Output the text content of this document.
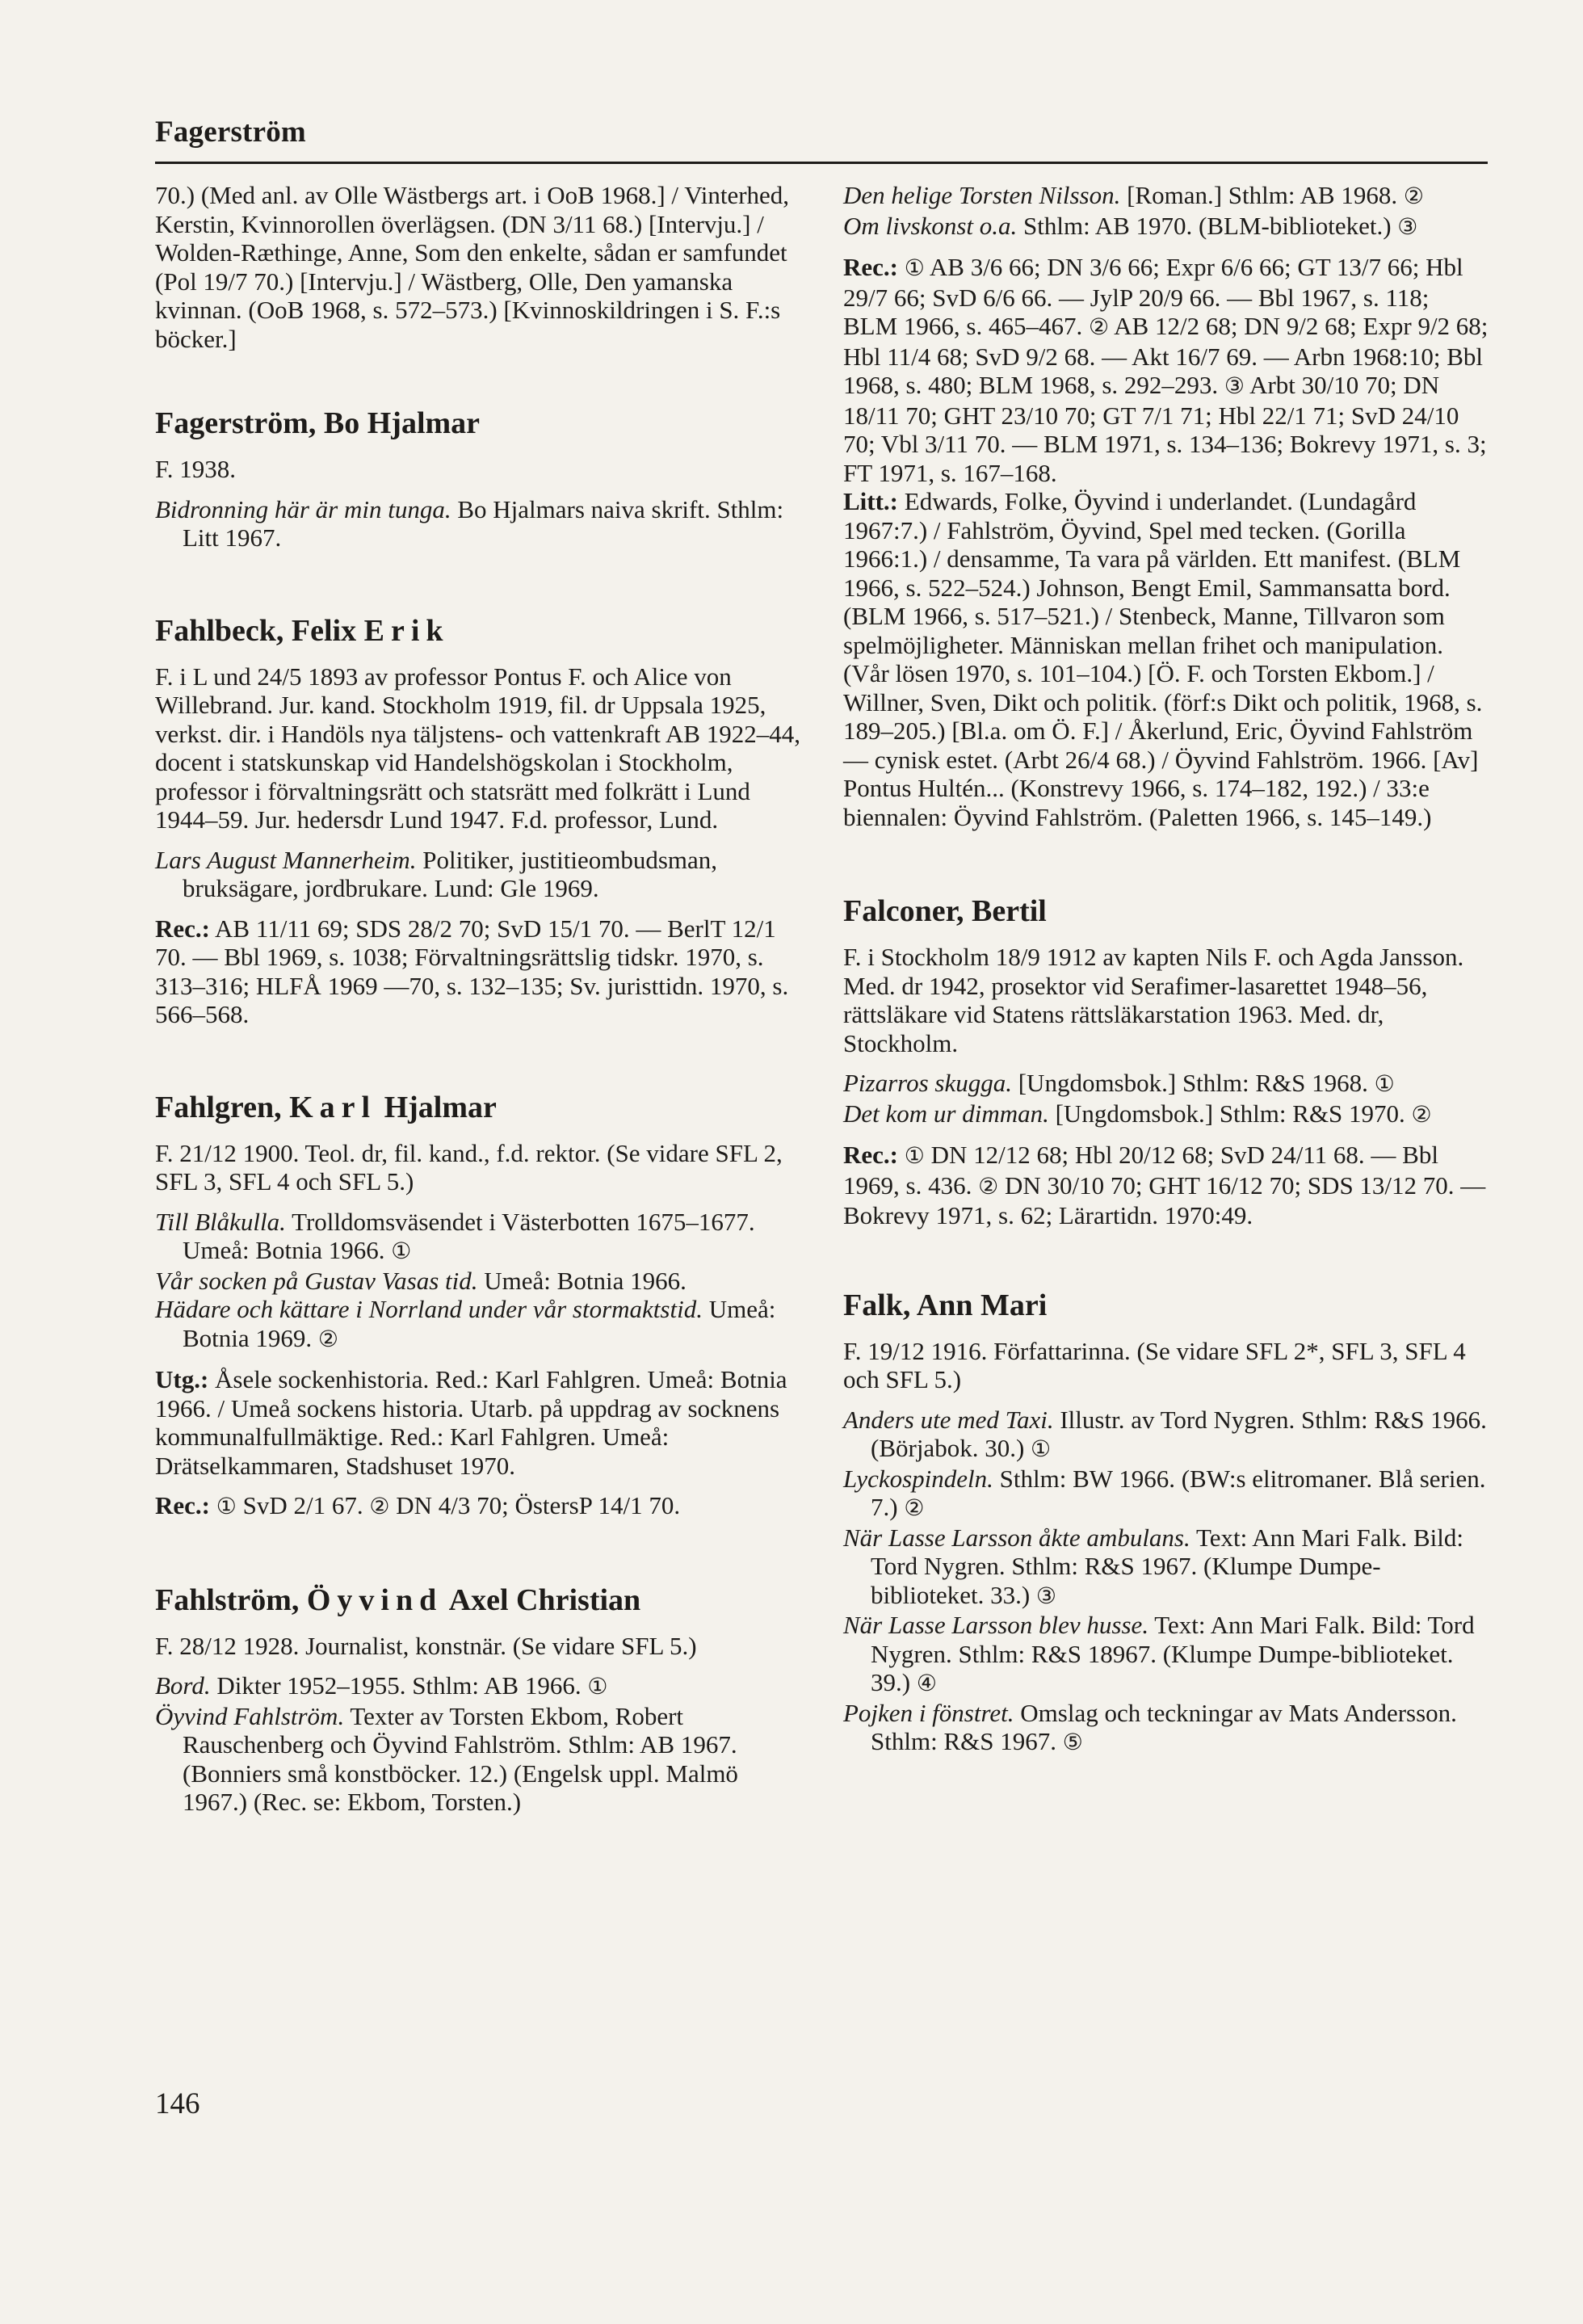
Fagerström

70.) (Med anl. av Olle Wästbergs art. i OoB 1968.] / Vinterhed, Kerstin, Kvinnorollen överlägsen. (DN 3/11 68.) [Intervju.] / Wolden-Ræthinge, Anne, Som den enkelte, sådan er samfundet (Pol 19/7 70.) [Intervju.] / Wästberg, Olle, Den yamanska kvinnan. (OoB 1968, s. 572–573.) [Kvinnoskildringen i S. F.:s böcker.]

Fagerström, Bo Hjalmar

F. 1938.

Bidronning här är min tunga. Bo Hjalmars naiva skrift. Sthlm: Litt 1967.

Fahlbeck, Felix Erik

F. i L und 24/5 1893 av professor Pontus F. och Alice von Willebrand. Jur. kand. Stockholm 1919, fil. dr Uppsala 1925, verkst. dir. i Handöls nya täljstens- och vattenkraft AB 1922–44, docent i statskunskap vid Handelshögskolan i Stockholm, professor i förvaltningsrätt och statsrätt med folkrätt i Lund 1944–59. Jur. hedersdr Lund 1947. F.d. professor, Lund.

Lars August Mannerheim. Politiker, justitieombudsman, bruksägare, jordbrukare. Lund: Gle 1969.

Rec.: AB 11/11 69; SDS 28/2 70; SvD 15/1 70. — BerlT 12/1 70. — Bbl 1969, s. 1038; Förvaltningsrättslig tidskr. 1970, s. 313–316; HLFÅ 1969 —70, s. 132–135; Sv. juristtidn. 1970, s. 566–568.

Fahlgren, Karl Hjalmar

F. 21/12 1900. Teol. dr, fil. kand., f.d. rektor. (Se vidare SFL 2, SFL 3, SFL 4 och SFL 5.)

Till Blåkulla. Trolldomsväsendet i Västerbotten 1675–1677. Umeå: Botnia 1966. ①

Vår socken på Gustav Vasas tid. Umeå: Botnia 1966.

Hädare och kättare i Norrland under vår stormaktstid. Umeå: Botnia 1969. ②

Utg.: Åsele sockenhistoria. Red.: Karl Fahlgren. Umeå: Botnia 1966. / Umeå sockens historia. Utarb. på uppdrag av socknens kommunalfullmäktige. Red.: Karl Fahlgren. Umeå: Drätselkammaren, Stadshuset 1970.

Rec.: ① SvD 2/1 67. ② DN 4/3 70; ÖstersP 14/1 70.

Fahlström, Öyvind Axel Christian

F. 28/12 1928. Journalist, konstnär. (Se vidare SFL 5.)

Bord. Dikter 1952–1955. Sthlm: AB 1966. ①

Öyvind Fahlström. Texter av Torsten Ekbom, Robert Rauschenberg och Öyvind Fahlström. Sthlm: AB 1967. (Bonniers små konstböcker. 12.) (Engelsk uppl. Malmö 1967.) (Rec. se: Ekbom, Torsten.)

Den helige Torsten Nilsson. [Roman.] Sthlm: AB 1968. ②

Om livskonst o.a. Sthlm: AB 1970. (BLM-biblioteket.) ③

Rec.: ① AB 3/6 66; DN 3/6 66; Expr 6/6 66; GT 13/7 66; Hbl 29/7 66; SvD 6/6 66. — JylP 20/9 66. — Bbl 1967, s. 118; BLM 1966, s. 465–467. ② AB 12/2 68; DN 9/2 68; Expr 9/2 68; Hbl 11/4 68; SvD 9/2 68. — Akt 16/7 69. — Arbn 1968:10; Bbl 1968, s. 480; BLM 1968, s. 292–293. ③ Arbt 30/10 70; DN 18/11 70; GHT 23/10 70; GT 7/1 71; Hbl 22/1 71; SvD 24/10 70; Vbl 3/11 70. — BLM 1971, s. 134–136; Bokrevy 1971, s. 3; FT 1971, s. 167–168.

Litt.: Edwards, Folke, Öyvind i underlandet. (Lundagård 1967:7.) / Fahlström, Öyvind, Spel med tecken. (Gorilla 1966:1.) / densamme, Ta vara på världen. Ett manifest. (BLM 1966, s. 522–524.) Johnson, Bengt Emil, Sammansatta bord. (BLM 1966, s. 517–521.) / Stenbeck, Manne, Tillvaron som spelmöjligheter. Människan mellan frihet och manipulation. (Vår lösen 1970, s. 101–104.) [Ö. F. och Torsten Ekbom.] / Willner, Sven, Dikt och politik. (förf:s Dikt och politik, 1968, s. 189–205.) [Bl.a. om Ö. F.] / Åkerlund, Eric, Öyvind Fahlström — cynisk estet. (Arbt 26/4 68.) / Öyvind Fahlström. 1966. [Av] Pontus Hultén... (Konstrevy 1966, s. 174–182, 192.) / 33:e biennalen: Öyvind Fahlström. (Paletten 1966, s. 145–149.)

Falconer, Bertil

F. i Stockholm 18/9 1912 av kapten Nils F. och Agda Jansson. Med. dr 1942, prosektor vid Serafimer-lasarettet 1948–56, rättsläkare vid Statens rättsläkarstation 1963. Med. dr, Stockholm.

Pizarros skugga. [Ungdomsbok.] Sthlm: R&S 1968. ①

Det kom ur dimman. [Ungdomsbok.] Sthlm: R&S 1970. ②

Rec.: ① DN 12/12 68; Hbl 20/12 68; SvD 24/11 68. — Bbl 1969, s. 436. ② DN 30/10 70; GHT 16/12 70; SDS 13/12 70. — Bokrevy 1971, s. 62; Lärartidn. 1970:49.

Falk, Ann Mari

F. 19/12 1916. Författarinna. (Se vidare SFL 2*, SFL 3, SFL 4 och SFL 5.)

Anders ute med Taxi. Illustr. av Tord Nygren. Sthlm: R&S 1966. (Börjabok. 30.) ①

Lyckospindeln. Sthlm: BW 1966. (BW:s elitromaner. Blå serien. 7.) ②

När Lasse Larsson åkte ambulans. Text: Ann Mari Falk. Bild: Tord Nygren. Sthlm: R&S 1967. (Klumpe Dumpe-biblioteket. 33.) ③

När Lasse Larsson blev husse. Text: Ann Mari Falk. Bild: Tord Nygren. Sthlm: R&S 18967. (Klumpe Dumpe-biblioteket. 39.) ④

Pojken i fönstret. Omslag och teckningar av Mats Andersson. Sthlm: R&S 1967. ⑤

146
